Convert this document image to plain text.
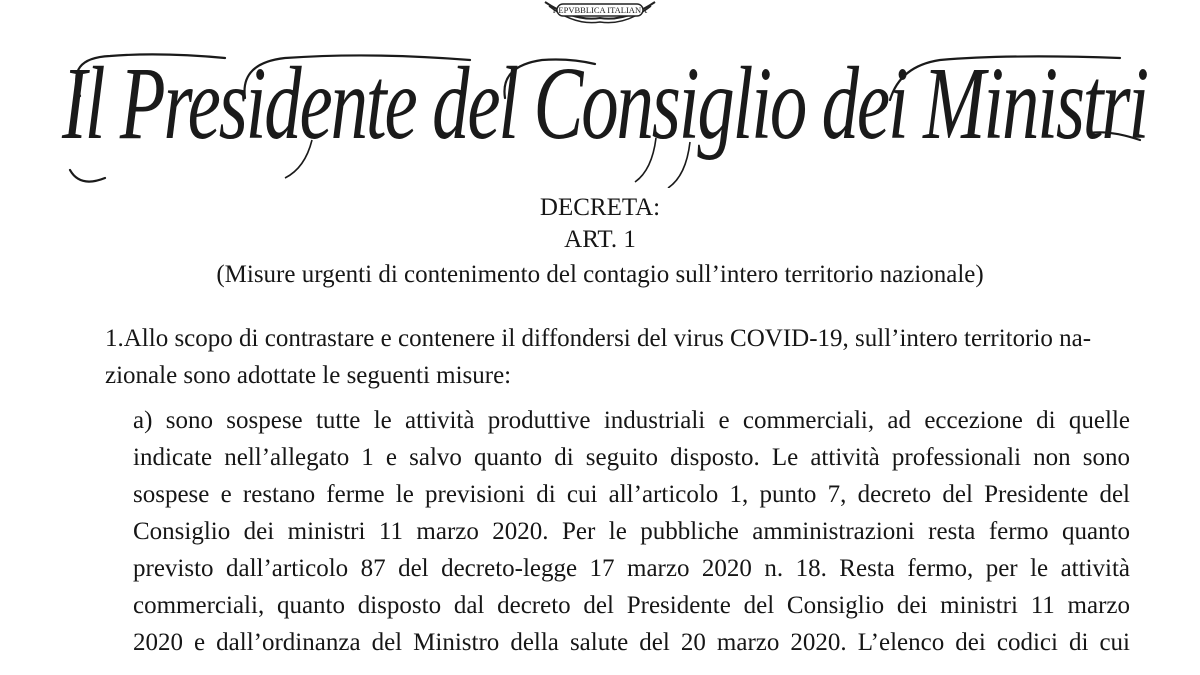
REPVBBLICA ITALIANA
Il Presidente del Consiglio dei Ministri
DECRETA:
ART. 1
(Misure urgenti di contenimento del contagio sull’intero territorio nazionale)
1.Allo scopo di contrastare e contenere il diffondersi del virus COVID-19, sull’intero territorio na-
zionale sono adottate le seguenti misure:
a) sono sospese tutte le attività produttive industriali e commerciali, ad eccezione di quelle
indicate nell’allegato 1 e salvo quanto di seguito disposto. Le attività professionali non sono
sospese e restano ferme le previsioni di cui all’articolo 1, punto 7, decreto del Presidente del
Consiglio dei ministri 11 marzo 2020. Per le pubbliche amministrazioni resta fermo quanto
previsto dall’articolo 87 del decreto-legge 17 marzo 2020 n. 18. Resta fermo, per le attività
commerciali, quanto disposto dal decreto del Presidente del Consiglio dei ministri 11 marzo
2020 e dall’ordinanza del Ministro della salute del 20 marzo 2020. L’elenco dei codici di cui
